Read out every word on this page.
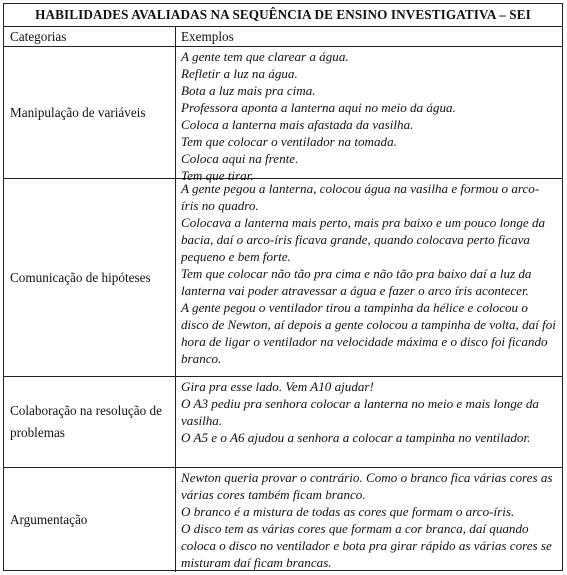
HABILIDADES AVALIADAS NA SEQUÊNCIA DE ENSINO INVESTIGATIVA – SEI
Categorias	Exemplos
Manipulação de variáveis

A gente tem que clarear a água.

Refletir a luz na água.

Bota a luz mais pra cima.

Professora aponta a lanterna aqui no meio da água.

Coloca a lanterna mais afastada da vasilha.

Tem que colocar o ventilador na tomada.

Coloca aqui na frente.

Tem que tirar.

Comunicação de hipóteses

A gente pegou a lanterna, colocou água na vasilha e formou o arco-íris no quadro.

Colocava a lanterna mais perto, mais pra baixo e um pouco longe da bacia, daí o arco-íris ficava grande, quando colocava perto ficava pequeno e bem forte.

Tem que colocar não tão pra cima e não tão pra baixo daí a luz da lanterna vai poder atravessar a água e fazer o arco íris acontecer.

A gente pegou o ventilador tirou a tampinha da hélice e colocou o disco de Newton, aí depois a gente colocou a tampinha de volta, daí foi hora de ligar o ventilador na velocidade máxima e o disco foi ficando branco.

Colaboração na resolução de problemas

Gira pra esse lado. Vem A10 ajudar!

O A3 pediu pra senhora colocar a lanterna no meio e mais longe da vasilha.

O A5 e o A6 ajudou a senhora a colocar a tampinha no ventilador.

Argumentação

Newton queria provar o contrário. Como o branco fica várias cores as várias cores também ficam branco.

O branco é a mistura de todas as cores que formam o arco-íris.

O disco tem as várias cores que formam a cor branca, daí quando coloca o disco no ventilador e bota pra girar rápido as várias cores se misturam daí ficam brancas.
